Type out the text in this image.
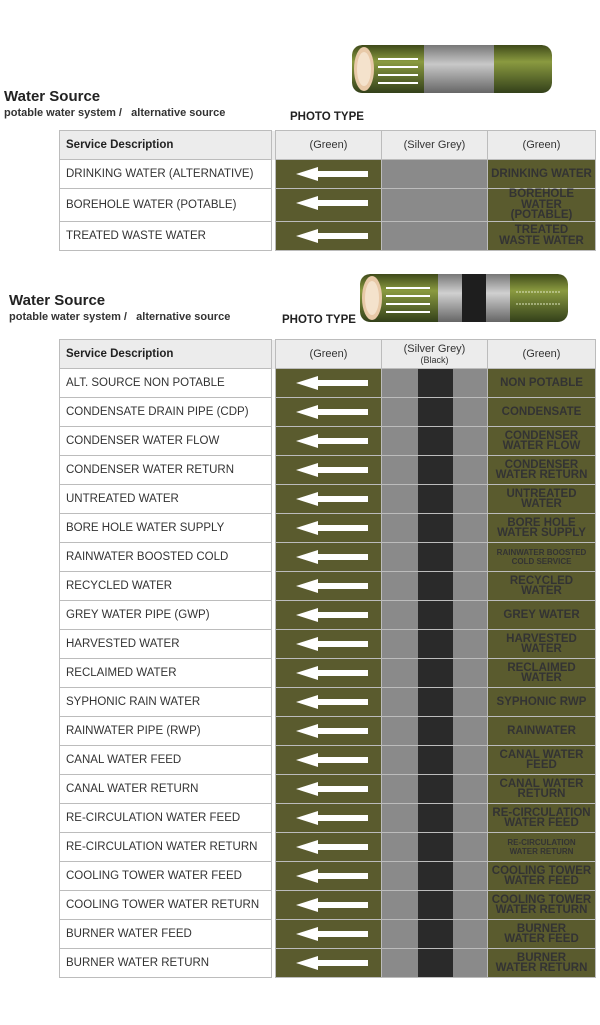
Water Source
potable water system /   alternative source	PHOTO TYPE
Service Description		(Green)	(Silver Grey)	(Green)
DRINKING WATER (ALTERNATIVE)				DRINKING WATER
BOREHOLE WATER (POTABLE)				BOREHOLE WATER
(POTABLE)
TREATED WASTE WATER				TREATED
WASTE WATER
Water Source
potable water system /   alternative source	PHOTO TYPE
Service Description		(Green)	(Silver Grey)
(Black)	(Green)
ALT. SOURCE NON POTABLE				NON POTABLE
CONDENSATE DRAIN PIPE (CDP)				CONDENSATE
CONDENSER WATER FLOW				CONDENSER
WATER FLOW
CONDENSER WATER RETURN				CONDENSER
WATER RETURN
UNTREATED WATER				UNTREATED WATER
BORE HOLE WATER SUPPLY				BORE HOLE
WATER SUPPLY
RAINWATER BOOSTED COLD				RAINWATER BOOSTED
COLD SERVICE
RECYCLED WATER				RECYCLED WATER
GREY WATER PIPE (GWP)				GREY WATER
HARVESTED WATER				HARVESTED
WATER
RECLAIMED WATER				RECLAIMED
WATER
SYPHONIC RAIN WATER				SYPHONIC RWP
RAINWATER PIPE (RWP)				RAINWATER
CANAL WATER FEED				CANAL WATER
FEED
CANAL WATER RETURN				CANAL WATER
RETURN
RE-CIRCULATION WATER FEED				RE-CIRCULATION
WATER FEED
RE-CIRCULATION WATER RETURN				RE-CIRCULATION
WATER RETURN
COOLING TOWER WATER FEED				COOLING TOWER
WATER FEED
COOLING TOWER WATER RETURN				COOLING TOWER
WATER RETURN
BURNER WATER FEED				BURNER
WATER FEED
BURNER WATER RETURN				BURNER
WATER RETURN
